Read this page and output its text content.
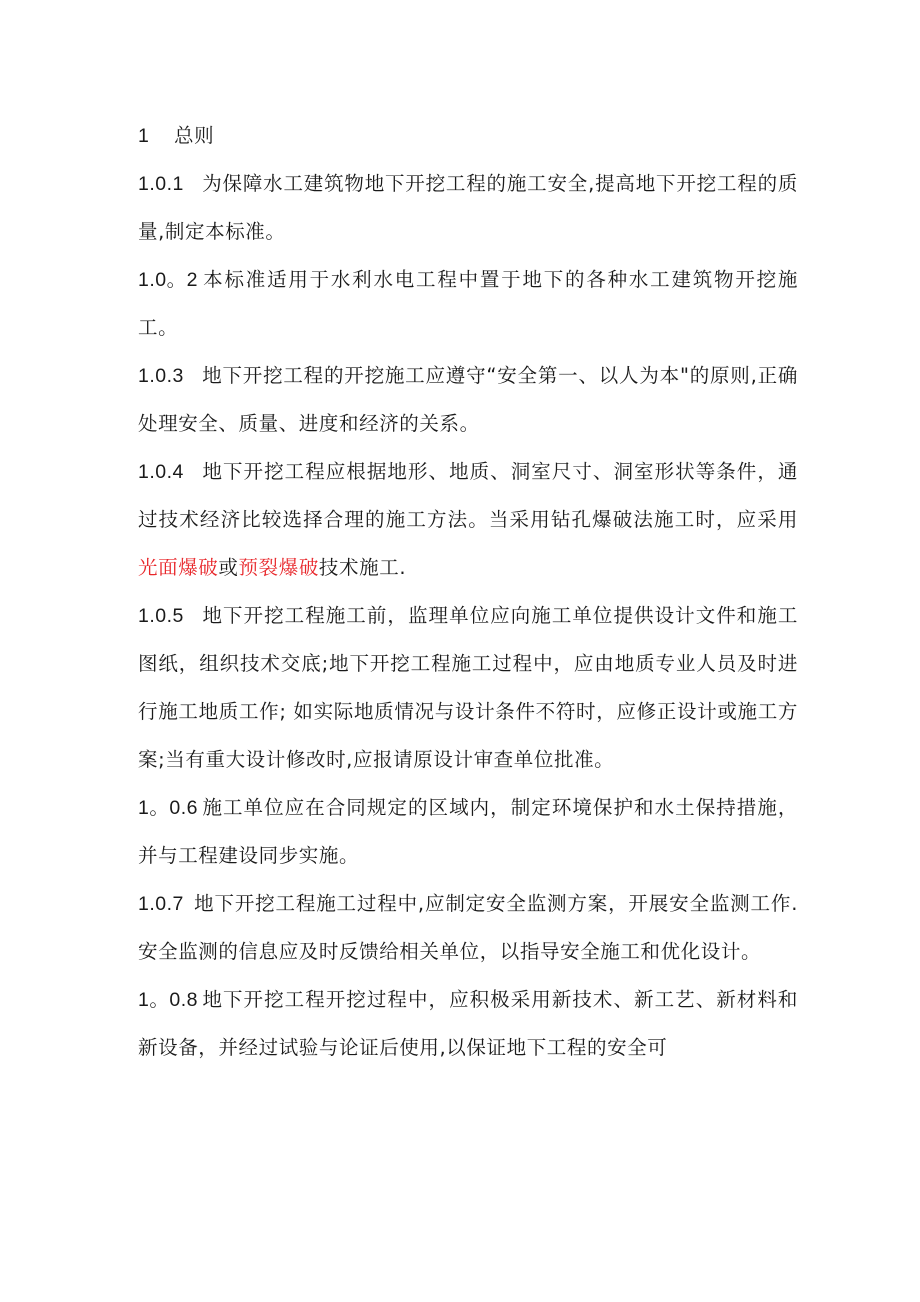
1 总则

1.0.1 为保障水工建筑物地下开挖工程的施工安全,提高地下开挖工程的质量,制定本标准。

1.0。2 本标准适用于水利水电工程中置于地下的各种水工建筑物开挖施工。

1.0.3 地下开挖工程的开挖施工应遵守“安全第一、以人为本"的原则,正确处理安全、质量、进度和经济的关系。

1.0.4 地下开挖工程应根据地形、地质、洞室尺寸、洞室形状等条件，通过技术经济比较选择合理的施工方法。当采用钻孔爆破法施工时，应采用光面爆破或预裂爆破技术施工.

1.0.5 地下开挖工程施工前，监理单位应向施工单位提供设计文件和施工图纸，组织技术交底;地下开挖工程施工过程中，应由地质专业人员及时进行施工地质工作; 如实际地质情况与设计条件不符时，应修正设计或施工方案;当有重大设计修改时,应报请原设计审查单位批准。

1。0.6 施工单位应在合同规定的区域内，制定环境保护和水土保持措施，并与工程建设同步实施。

1.0.7 地下开挖工程施工过程中,应制定安全监测方案，开展安全监测工作.安全监测的信息应及时反馈给相关单位，以指导安全施工和优化设计。

1。0.8 地下开挖工程开挖过程中，应积极采用新技术、新工艺、新材料和新设备，并经过试验与论证后使用,以保证地下工程的安全可
